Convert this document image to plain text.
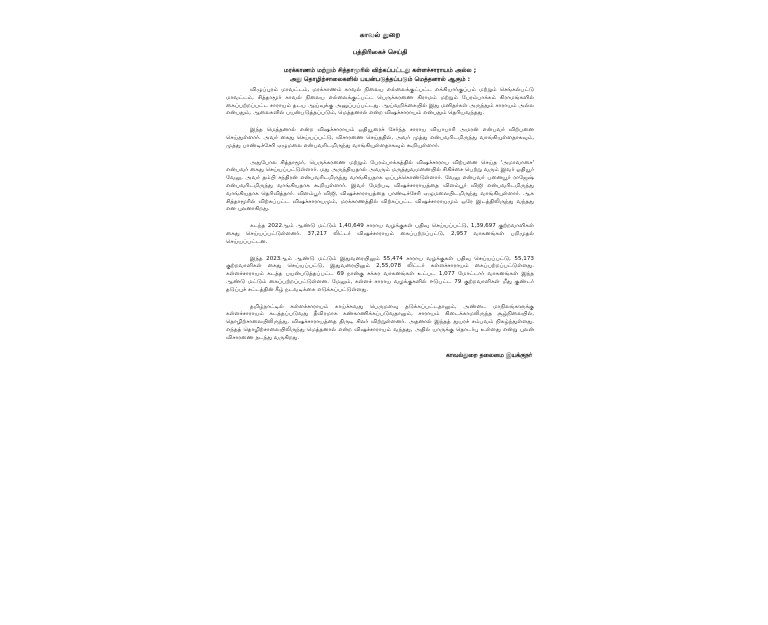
காவல் துறை
பத்திரிகைச் செய்தி
மரக்காணம் மற்றும் சித்தாமூரில் விற்கப்பட்டது கள்ளச்சாராயம் அல்ல ;
அது தொழிற்சாலைகளில் பயன்படுத்தப்படும் மெத்தனால் ஆகும் :

விழுப்புரம் மாவட்டம், மரக்காணம் காவல் நிலைய எல்லைக்குட்பட்ட எக்கியார்குப்பம் மற்றும் செங்கல்பட்டு மாவட்டம், சித்தாமூர் காவல் நிலைய எல்லைக்குட்பட்ட பெருக்கரணை கிராமம் மற்றும் பேரம்பாக்கம் கிராமங்களில் கைப்பற்றப்பட்ட சாராயம் தடய ஆய்வுக்கு அனுப்பப்பட்டது. ஆய்வறிக்கையில் இது மனிதர்கள் அருந்தும் சாராயம் அல்ல என்பதும், ஆலைகளில் பயன்படுத்தப்படும், மெத்தனால் என்ற விஷச்சாராயம் என்பதும் தெரியவந்தது.

இந்த மெத்தனால் என்ற விஷச்சாராயம் ஒதியூரைச் சேர்ந்த சாராய வியாபாரி அமரன் என்பவர் விற்பனை செய்துள்ளார். அவர் கைது செய்யப்பட்டு, விசாரணை செய்ததில், அவர் முத்து என்பவரிடமிருந்து வாங்கியுள்ளதாகவும், முத்து பாண்டிச்சேரி ஏழுமலை என்பவரிடமிருந்து வாங்கியுள்ளதாகவும் கூறியுள்ளார்.

அதுபோல சித்தாமூர், பெருக்கரணை மற்றும் பேரம்பாக்கத்தில் விஷச்சாராய விற்பனை செய்த 'அமாவாசை' என்பவர் கைது செய்யப்பட்டுள்ளார். மது அருந்தியதால் அவரும் மருத்துவமனையில் சிகிச்சை பெற்று வரும் இவர் ஓதியூர் வேலு, அவர் தம்பி சந்திரன் என்பவரிடமிருந்து வாங்கியதாக ஒப்புக்கொண்டுள்ளார். வேலு என்பவர் பனையூர் ராஜேஷ் என்பவரிடமிருந்து வாங்கியதாக கூறியுள்ளார். இவர் மேற்படி விஷச்சாராயத்தை விளம்பூர் விஜி என்பவரிடமிருந்து வாங்கியதாக தெரிவித்தார். விளம்பூர் விஜி, விஷச்சாராயத்தை பாண்டிச்சேரி ஏழுமலையிடமிருந்து வாங்கியுள்ளார். ஆக சித்தாமூரில் விற்கப்பட்ட விஷச்சாராயமும், மரக்காணத்தில் விற்கப்பட்ட விஷச்சாராயமும் ஒரே இடத்திலிருந்து வந்தது என புலனாகிறது.

கடந்த 2022ஆம் ஆண்டு மட்டும் 1,40,649 சாராய வழக்குகள் பதிவு செய்யப்பட்டு, 1,39,697 குற்றவாளிகள் கைது செய்யப்பட்டுள்ளனர். 37,217 லிட்டர் விஷச்சாராயம் கைப்பற்றப்பட்டு, 2,957 வாகனங்கள் பறிமுதல் செய்யப்பட்டன.

இந்த 2023ஆம் ஆண்டு மட்டும் இதுவரையிலும் 55,474 சாராய வழக்குகள் பதிவு செய்யப்பட்டு, 55,173 குற்றவாளிகள் கைது செய்யப்பட்டு, இதுவரையிலும் 2,55,078 லிட்டர் கள்ளச்சாராயம் கைப்பற்றப்பட்டுள்ளது. கள்ளச்சாராயம் கடத்த பயன்படுத்தப்பட்ட 69 நான்கு சக்கர வாகனங்கள் உட்பட 1,077 மோட்டார் வாகனங்கள் இந்த ஆண்டு மட்டும் கைப்பற்றப்பட்டுள்ளன. மேலும், கள்ளச் சாராய வழக்குகளில் ஈடுபட்ட 79 குற்றவாளிகள் மீது குண்டர் தடுப்புச் சட்டத்தின் கீழ் நடவடிக்கை எடுக்கப்பட்டுள்ளது.

தமிழ்நாட்டில் கள்ளச்சாராயம் காய்ச்சுவது பெருமளவு தடுக்கப்பட்டதாலும், அண்டை மாநிலங்களுக்கு கள்ளச்சாராயம் கடத்தப்படுவது தீவிரமாக கண்காணிக்கப்படுவதாலும், சாராயம் கிடைக்காமலிருந்த சூழ்நிலையில், தொழிற்சாலையிலிருந்து, விஷச்சாராயத்தை திருடி சிலர் விற்றுள்ளனர். அதனால் இந்தத் துயரச் சம்பவம் நிகழ்ந்துள்ளது. எந்தத் தொழிற்சாலையிலிருந்து மெத்தனால் என்ற விஷச்சாராயம் வந்தது, அதில் யாருக்கு தொடர்பு உள்ளது என்று புலன் விசாரணை நடந்து வருகிறது.

காவல்துறை தலைமை இயக்குநர்
